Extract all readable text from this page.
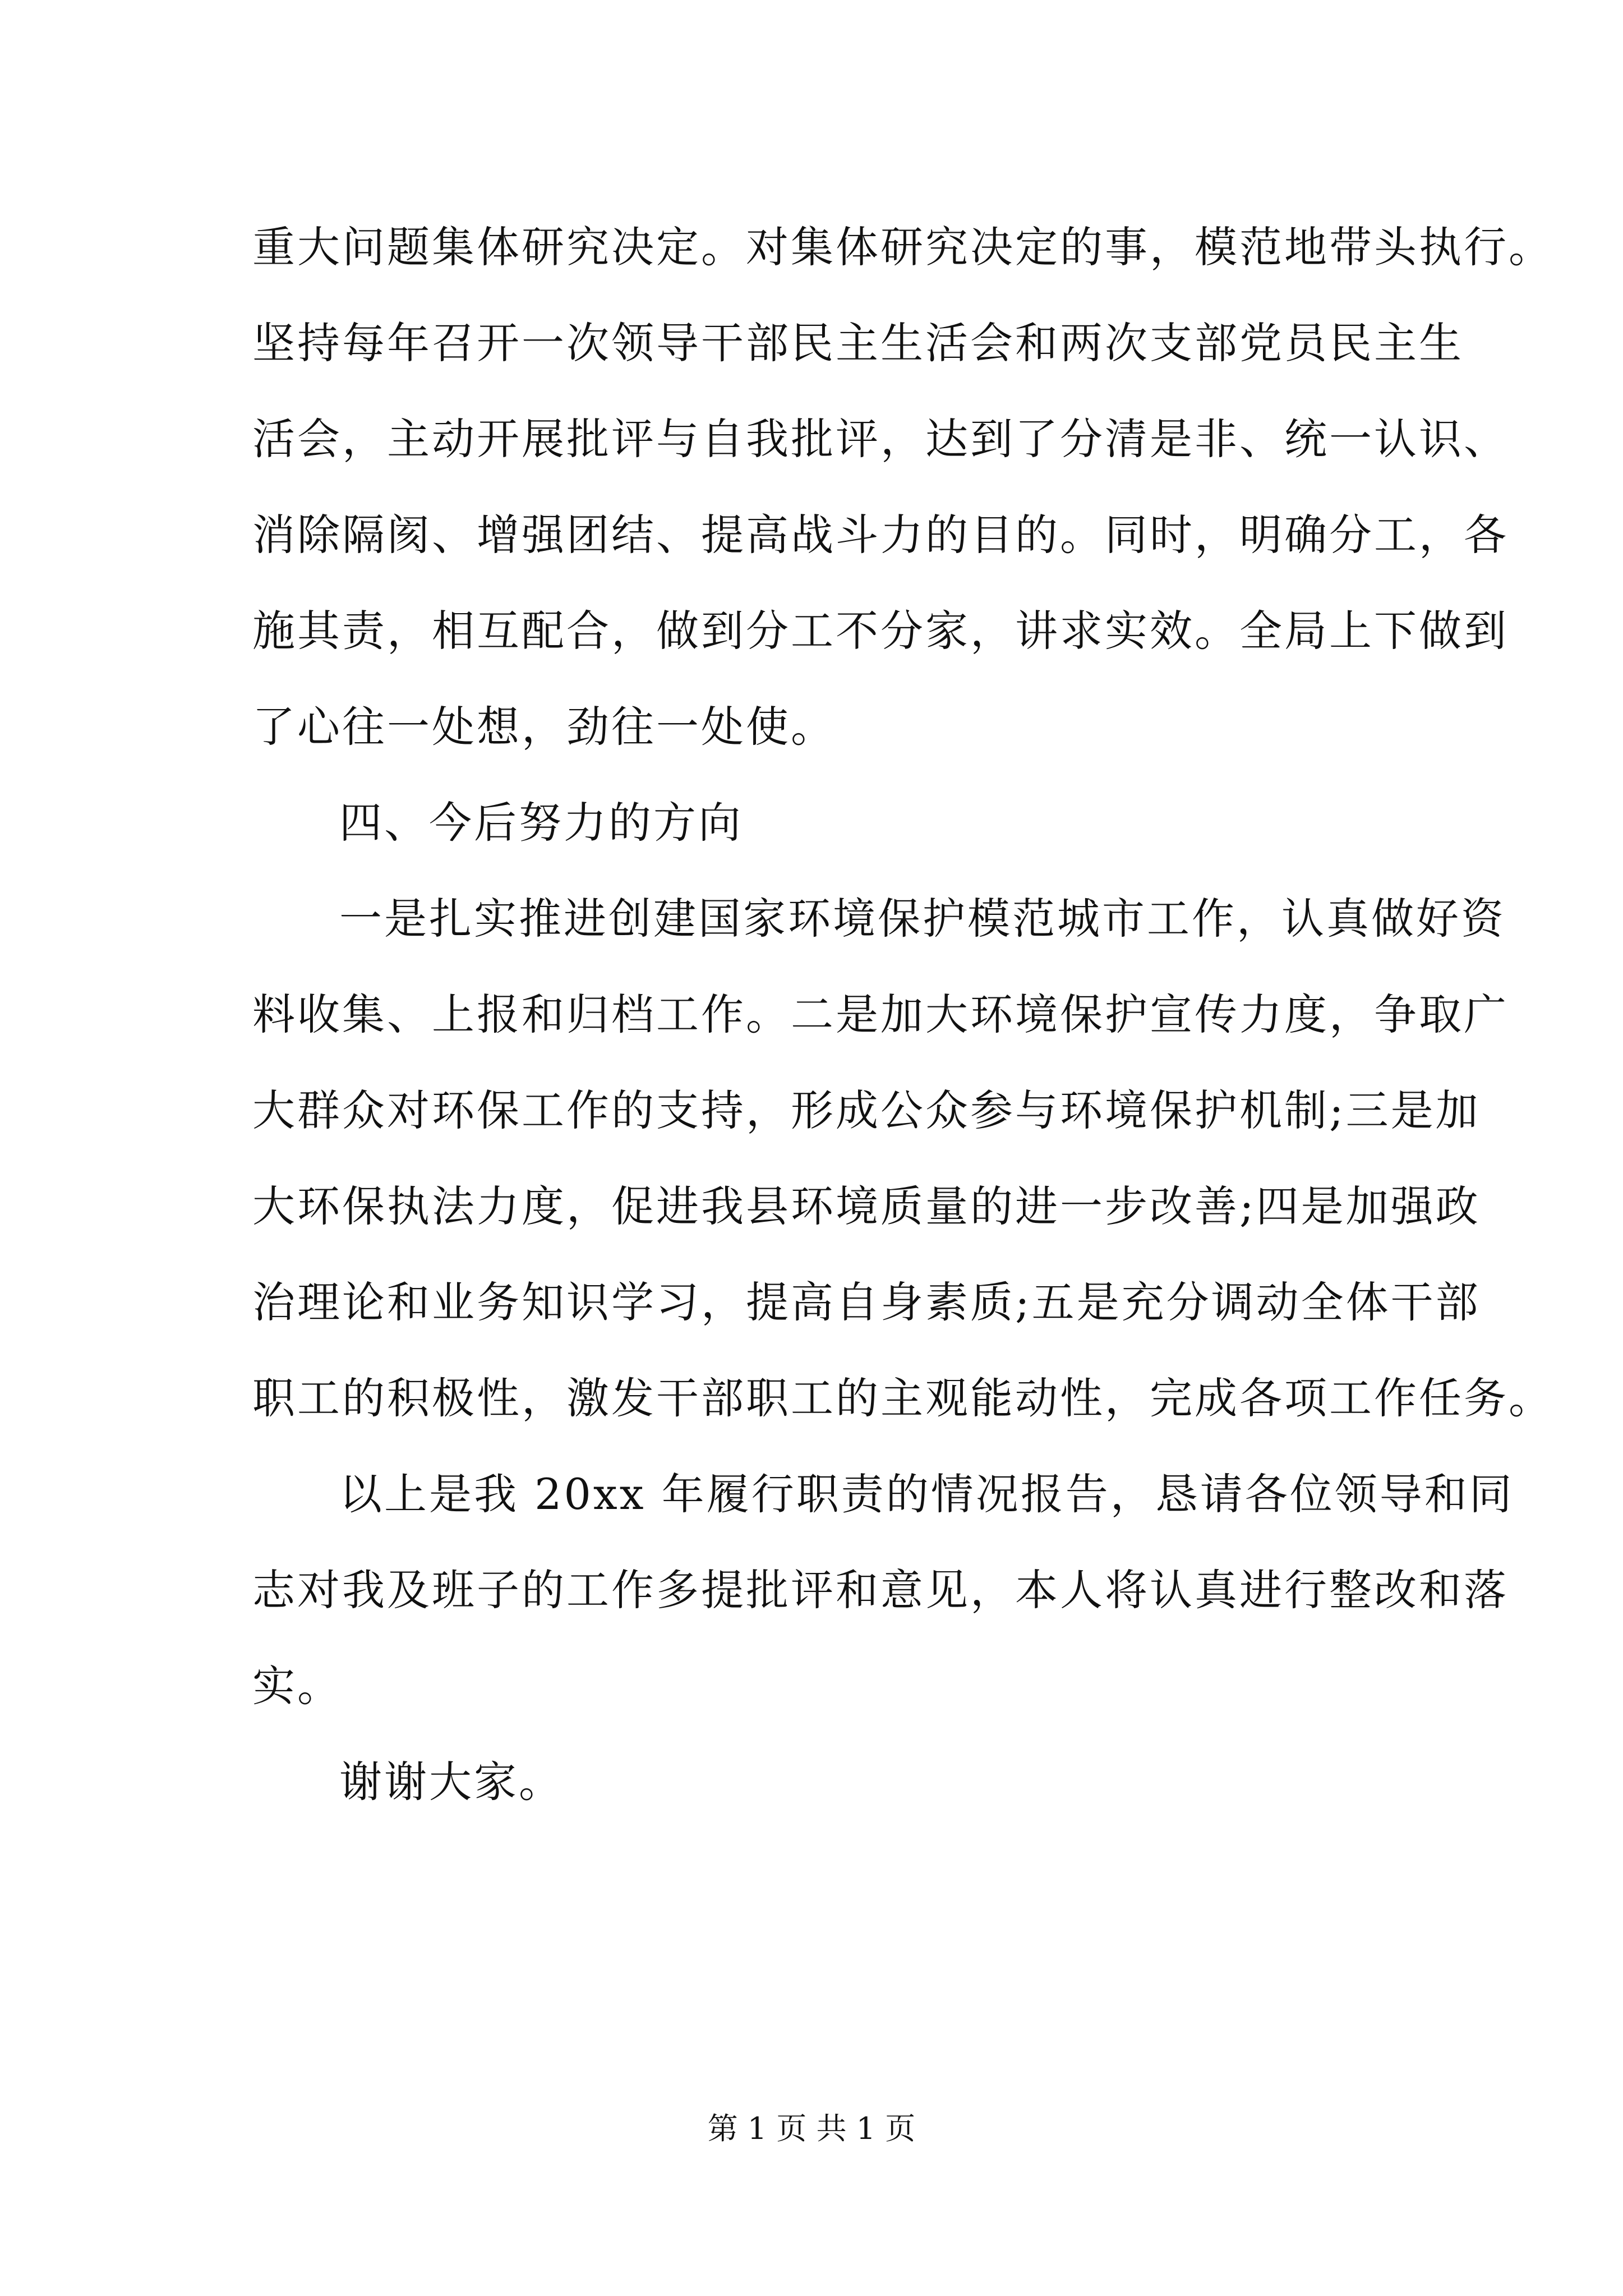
重大问题集体研究决定。对集体研究决定的事，模范地带头执行。
坚持每年召开一次领导干部民主生活会和两次支部党员民主生
活会，主动开展批评与自我批评，达到了分清是非、统一认识、
消除隔阂、增强团结、提高战斗力的目的。同时，明确分工，各
施其责，相互配合，做到分工不分家，讲求实效。全局上下做到
了心往一处想，劲往一处使。
四、今后努力的方向
一是扎实推进创建国家环境保护模范城市工作，认真做好资
料收集、上报和归档工作。二是加大环境保护宣传力度，争取广
大群众对环保工作的支持，形成公众参与环境保护机制;三是加
大环保执法力度，促进我县环境质量的进一步改善;四是加强政
治理论和业务知识学习，提高自身素质;五是充分调动全体干部
职工的积极性，激发干部职工的主观能动性，完成各项工作任务。
以上是我 20xx 年履行职责的情况报告，恳请各位领导和同
志对我及班子的工作多提批评和意见，本人将认真进行整改和落
实。
谢谢大家。
第 1 页 共 1 页
